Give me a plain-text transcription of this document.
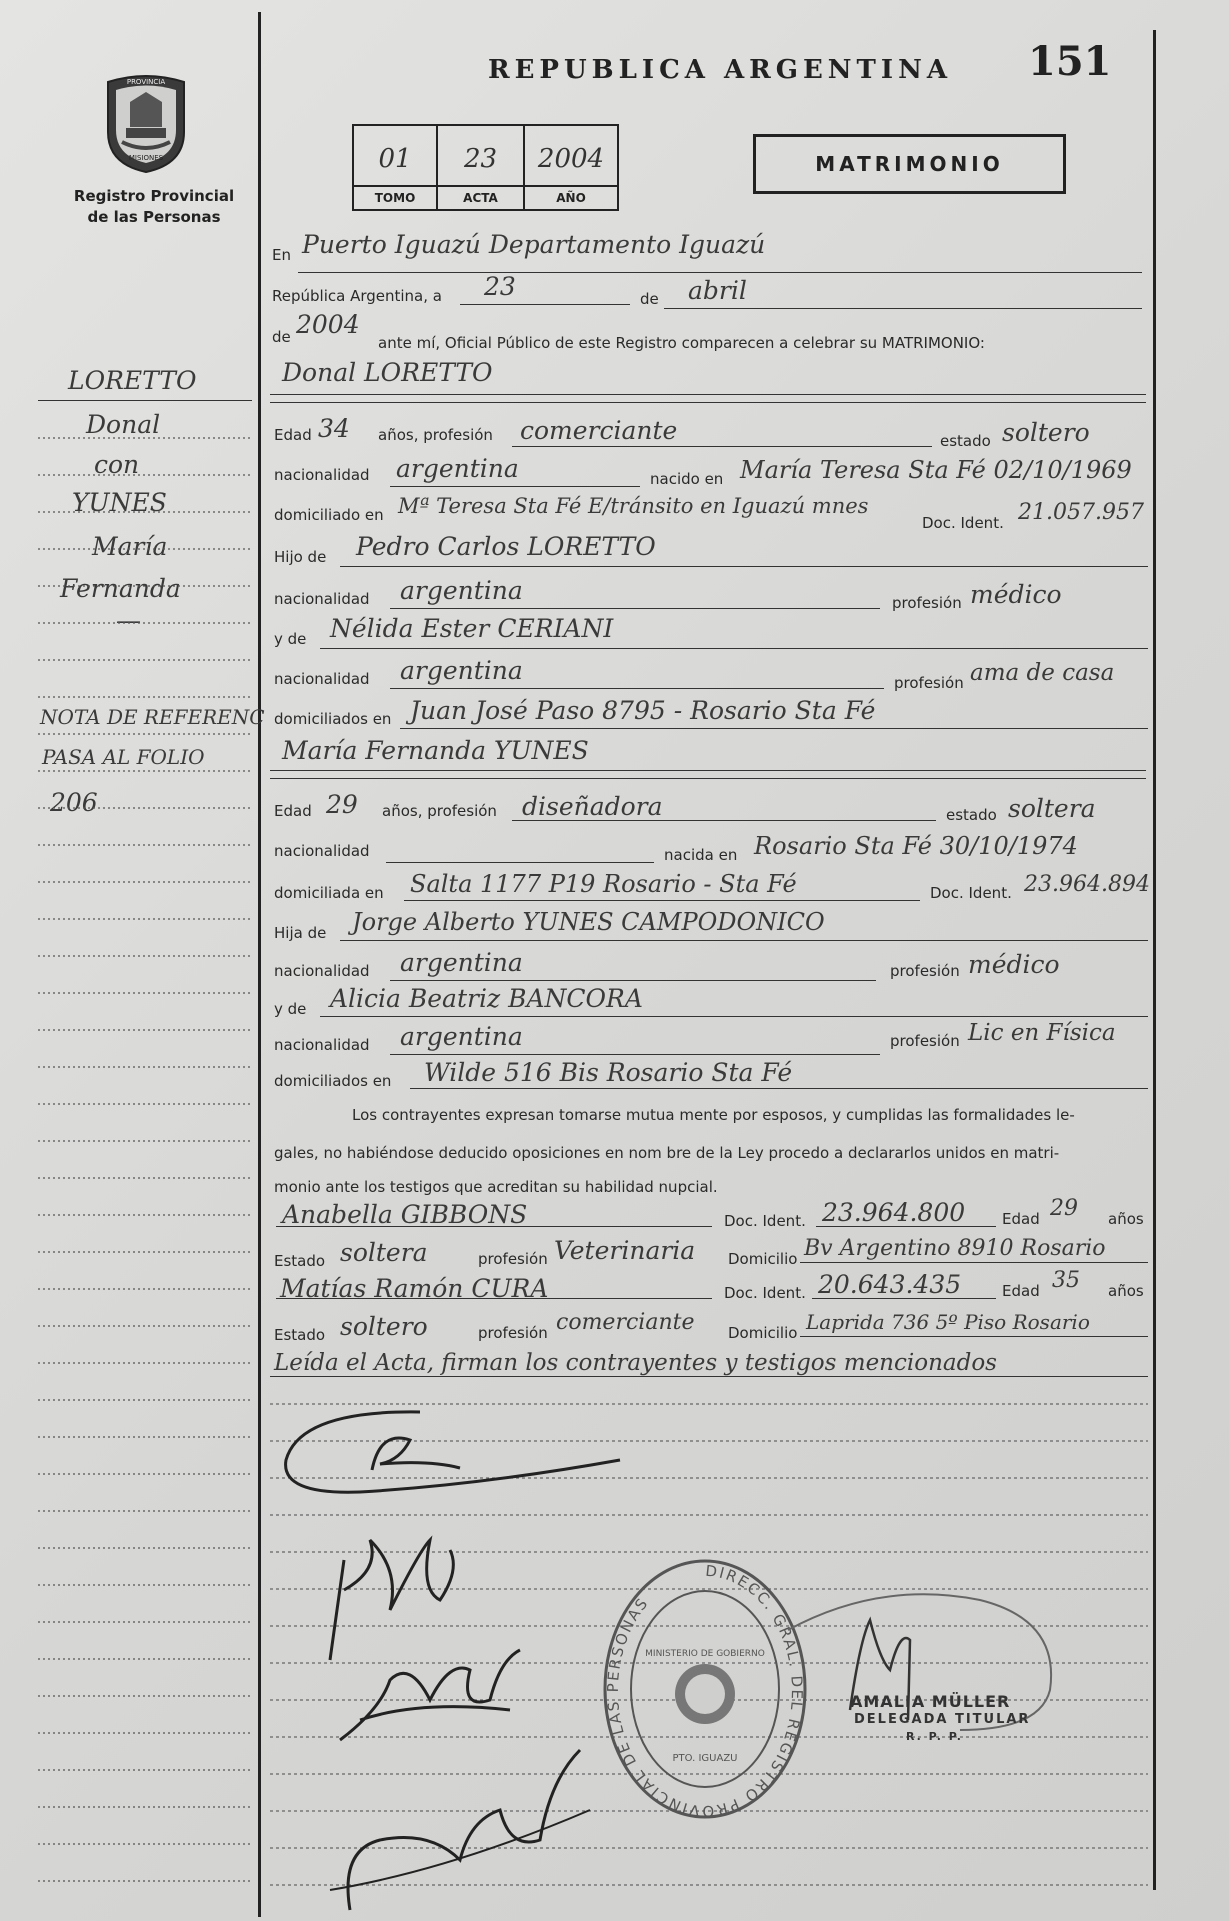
PROVINCIA
MISIONES
Registro Provincial
de las Personas
REPUBLICA ARGENTINA 151
01
TOMO
23
ACTA
2004
AÑO
MATRIMONIO
LORETTO
Donal
con
YUNES
María
Fernanda
—
NOTA DE REFERENC
PASA AL FOLIO
206
En Puerto Iguazú Departamento Iguazú
República Argentina, a 23	de abril
de 2004
ante mí, Oficial Público de este Registro comparecen a celebrar su MATRIMONIO:
Donal LORETTO
Edad 34 años, profesión comerciante	estado soltero
nacionalidad argentina	nacido en María Teresa Sta Fé 02/10/1969
domiciliado en Mª Teresa Sta Fé E/tránsito en Iguazú mnes
Doc. Ident. 21.057.957
Hijo de Pedro Carlos LORETTO
nacionalidad argentina	profesión médico
y de Nélida Ester CERIANI
nacionalidad argentina	profesión ama de casa
domiciliados en Juan José Paso 8795 - Rosario Sta Fé
María Fernanda YUNES
Edad 29 años, profesión diseñadora	estado soltera
nacionalidad	nacida en Rosario Sta Fé 30/10/1974
domiciliada en Salta 1177 P19 Rosario - Sta Fé	Doc. Ident. 23.964.894
Hija de Jorge Alberto YUNES CAMPODONICO
nacionalidad argentina	profesión médico
y de Alicia Beatriz BANCORA
nacionalidad argentina	profesión Lic en Física
domiciliados en Wilde 516 Bis Rosario Sta Fé
Los contrayentes expresan tomarse mutua mente por esposos, y cumplidas las formalidades le-
gales, no habiéndose deducido oposiciones en nom bre de la Ley procedo a declararlos unidos en matri-
monio ante los testigos que acreditan su habilidad nupcial.
Anabella GIBBONS	Doc. Ident. 23.964.800 Edad 29 años
Estado soltera	profesión Veterinaria Domicilio Bv Argentino 8910 Rosario
Matías Ramón CURA	Doc. Ident. 20.643.435	Edad 35 años
Estado soltero	profesión comerciante Domicilio Laprida 736 5º Piso Rosario
Leída el Acta, firman los contrayentes y testigos mencionados
DIRECC. GRAL. DEL REGISTRO PROVINCIAL DE LAS PERSONAS
MINISTERIO DE GOBIERNO
PTO. IGUAZU
AMALIA MÜLLER
DELEGADA TITULAR
R. P. P.
